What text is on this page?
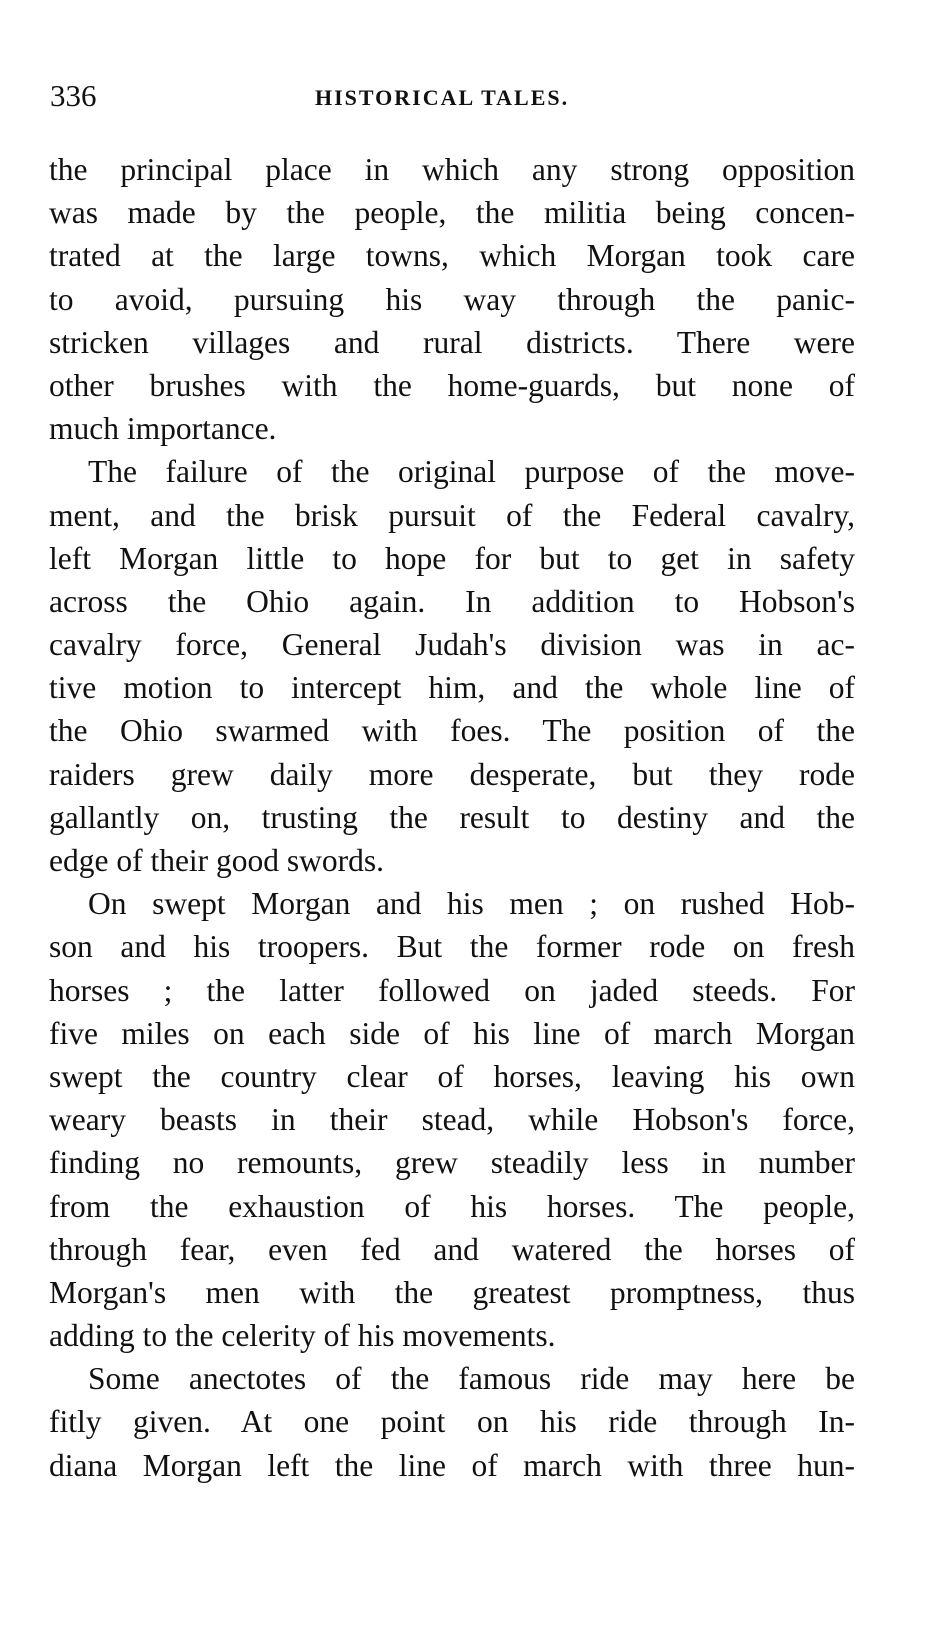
336	HISTORICAL TALES.
the principal place in which any strong opposition
was made by the people, the militia being concen-
trated at the large towns, which Morgan took care
to avoid, pursuing his way through the panic-
stricken villages and rural districts. There were
other brushes with the home-guards, but none of
much importance.
The failure of the original purpose of the move-
ment, and the brisk pursuit of the Federal cavalry,
left Morgan little to hope for but to get in safety
across the Ohio again. In addition to Hobson's
cavalry force, General Judah's division was in ac-
tive motion to intercept him, and the whole line of
the Ohio swarmed with foes. The position of the
raiders grew daily more desperate, but they rode
gallantly on, trusting the result to destiny and the
edge of their good swords.
On swept Morgan and his men ; on rushed Hob-
son and his troopers. But the former rode on fresh
horses ; the latter followed on jaded steeds. For
five miles on each side of his line of march Morgan
swept the country clear of horses, leaving his own
weary beasts in their stead, while Hobson's force,
finding no remounts, grew steadily less in number
from the exhaustion of his horses. The people,
through fear, even fed and watered the horses of
Morgan's men with the greatest promptness, thus
adding to the celerity of his movements.
Some anectotes of the famous ride may here be
fitly given. At one point on his ride through In-
diana Morgan left the line of march with three hun-
